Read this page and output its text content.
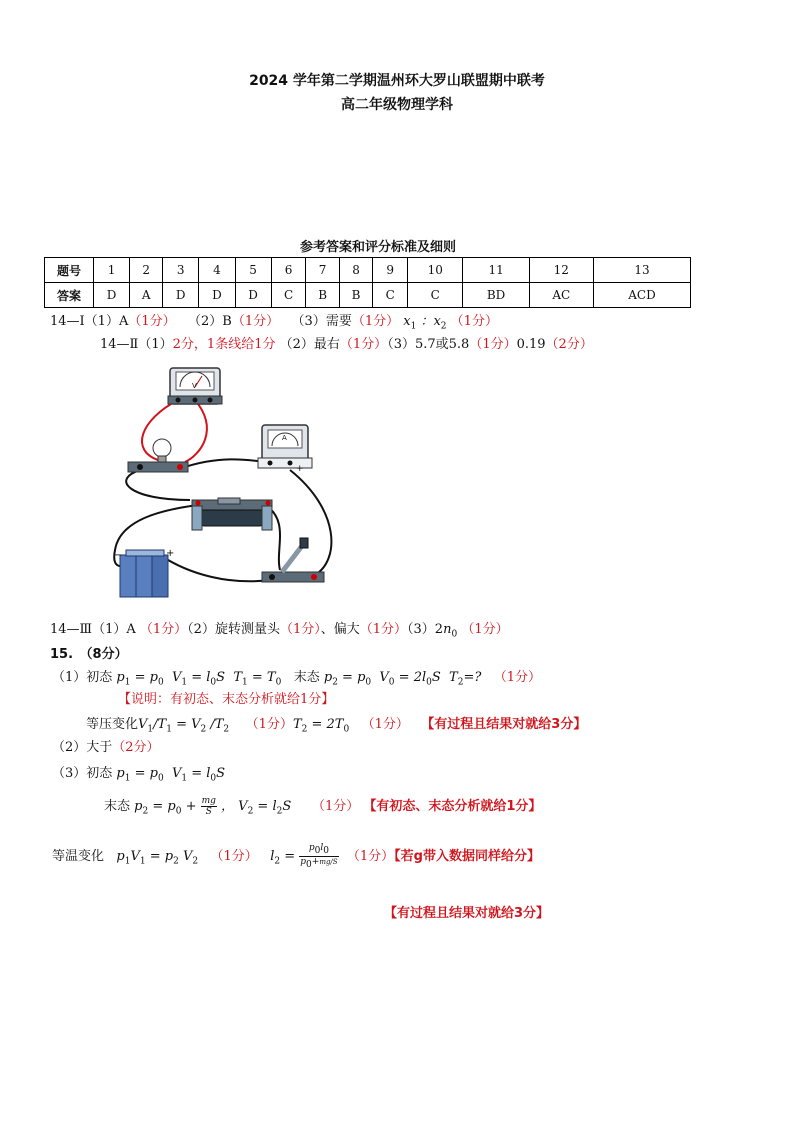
2024 学年第二学期温州环大罗山联盟期中联考
高二年级物理学科
参考答案和评分标准及细则
题号	1	2	3	4	5	6	7	8	9	10	11	12	13
答案	D	A	D	D	D	C	B	B	C	C	BD	AC	ACD
14—Ⅰ（1）A（1分） （2）B（1分） （3）需要（1分） $x_1$ ：$x_2$ （1分）
14—Ⅱ（1）2分，1条线给1分 （2）最右（1分）（3）5.7或5.8（1分）0.19（2分）
V
A
+
−	+
14—Ⅲ（1）A （1分）（2）旋转测量头（1分）、偏大（1分）$(3)2n_0$ （1分）
15.　（8分）
（1）初态 $p_1 = p_0$  $V_1 = l_0S$  $T_1 = T_0$ 末态 $p_2 = p_0$  $V_0 = 2l_0S$  $T_2=$? （1分）
【说明：有初态、末态分析就给1分】
等压变化$V_1/T_1 = V_2$ $/T_2$ （1分）$T_2 = 2T_0$ （1分） 【有过程且结果对就给3分】
（2）大于（2分）
（3）初态 $p_1 = p_0$  $V_1 = l_0S$
末态 $p_2 = p_0 + \frac{mg}{S}$ ， $V_2 = l_2S$ （1分） 【有初态、末态分析就给1分】
等温变化 $p_1V_1 = p_2$ $V_2$ （1分） $l_2 = \frac{p_0l_0}{p_0+mg/S} (1$分）【若g带入数据同样给分】
【有过程且结果对就给3分】
